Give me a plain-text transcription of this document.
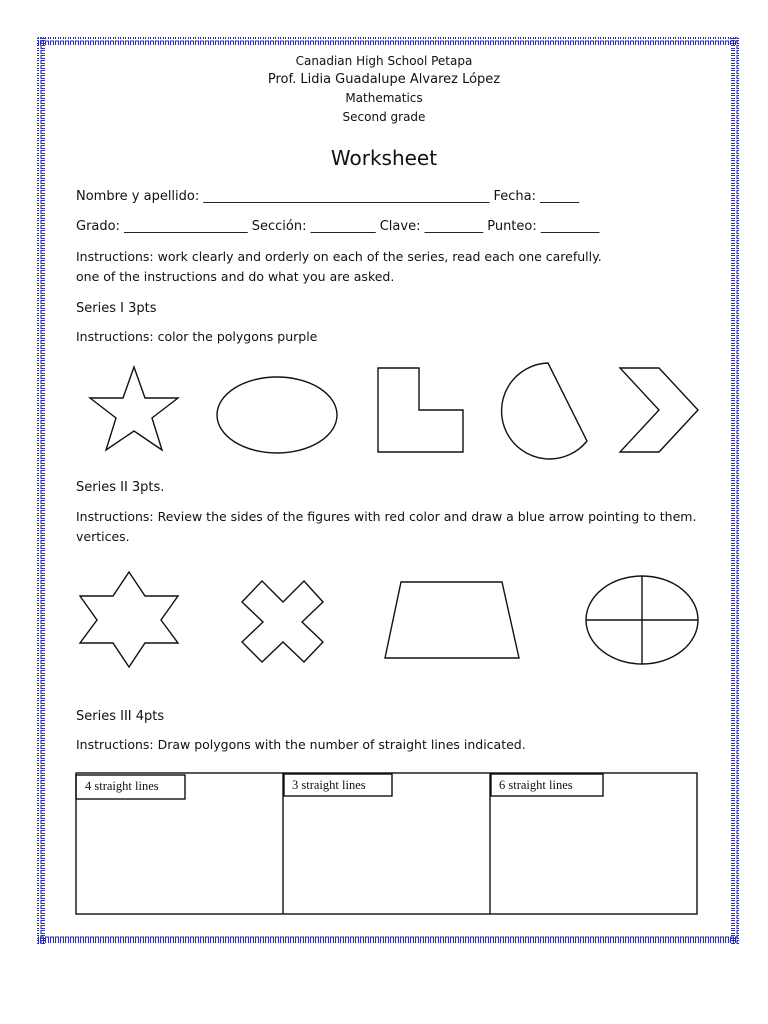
Canadian High School Petapa
Prof. Lidia Guadalupe Alvarez López
Mathematics
Second grade
Worksheet
Nombre y apellido: ____________________________________________ Fecha: ______
Grado: ___________________ Sección: __________ Clave: _________ Punteo: _________
Instructions: work clearly and orderly on each of the series, read each one carefully.
one of the instructions and do what you are asked.
Series I 3pts
Instructions: color the polygons purple
Series II 3pts.
Instructions: Review the sides of the figures with red color and draw a blue arrow pointing to them.
vertices.
Series III 4pts
Instructions: Draw polygons with the number of straight lines indicated.
4 straight lines	3 straight lines	6 straight lines
